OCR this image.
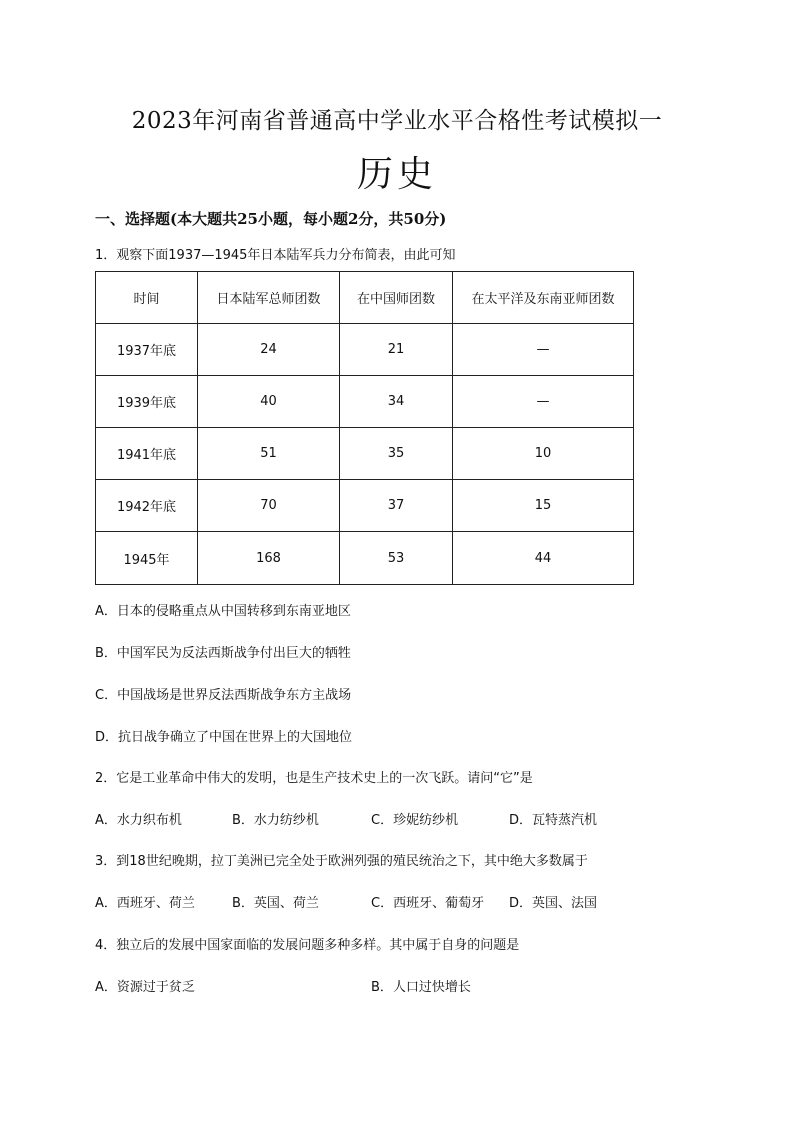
2023年河南省普通高中学业水平合格性考试模拟一
历史
一、选择题(本大题共25小题，每小题2分，共50分)
1．观察下面1937—1945年日本陆军兵力分布简表，由此可知
时间	日本陆军总师团数	在中国师团数	在太平洋及东南亚师团数
1937年底	24	21	—
1939年底	40	34	—
1941年底	51	35	10
1942年底	70	37	15
1945年	168	53	44
A．日本的侵略重点从中国转移到东南亚地区
B．中国军民为反法西斯战争付出巨大的牺牲
C．中国战场是世界反法西斯战争东方主战场
D．抗日战争确立了中国在世界上的大国地位
2．它是工业革命中伟大的发明，也是生产技术史上的一次飞跃。请问“它”是
A．水力织布机	B．水力纺纱机	C．珍妮纺纱机	D．瓦特蒸汽机
3．到18世纪晚期，拉丁美洲已完全处于欧洲列强的殖民统治之下，其中绝大多数属于
A．西班牙、荷兰	B．英国、荷兰	C．西班牙、葡萄牙 D．英国、法国
4．独立后的发展中国家面临的发展问题多种多样。其中属于自身的问题是
A．资源过于贫乏	B．人口过快增长
